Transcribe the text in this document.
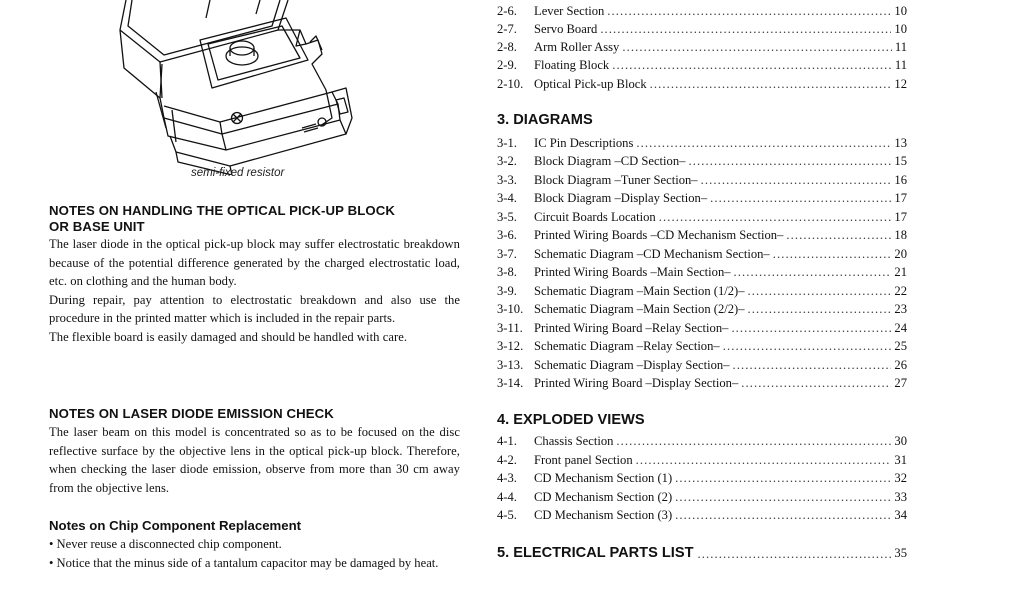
semi-fixed resistor

NOTES ON HANDLING THE OPTICAL PICK-UP BLOCK

OR BASE UNIT

The laser diode in the optical pick-up block may suffer electrostatic breakdown because of the potential difference generated by the charged electrostatic load, etc. on clothing and the human body.

During repair, pay attention to electrostatic breakdown and also use the procedure in the printed matter which is included in the repair parts.

The flexible board is easily damaged and should be handled with care.

NOTES ON LASER DIODE EMISSION CHECK

The laser beam on this model is concentrated so as to be focused on the disc reflective surface by the objective lens in the optical pick-up block. Therefore, when checking the laser diode emission, observe from more than 30 cm away from the objective lens.

Notes on Chip Component Replacement

• Never reuse a disconnected chip component.

• Notice that the minus side of a tantalum capacitor may be damaged by heat.

2-6.	Lever Section .....	10
2-7.	Servo Board .....	10
2-8.	Arm Roller Assy .....	11
2-9.	Floating Block .....	11
2-10. Optical Pick-up Block .....	12
3. DIAGRAMS
3-1.	IC Pin Descriptions .....	13
3-2.	Block Diagram –CD Section– .....	15
3-3.	Block Diagram –Tuner Section– .....	16
3-4.	Block Diagram –Display Section– .....	17
3-5.	Circuit Boards Location .....	17
3-6.	Printed Wiring Boards –CD Mechanism Section– .....	18
3-7.	Schematic Diagram –CD Mechanism Section– .....	20
3-8.	Printed Wiring Boards –Main Section– .....	21
3-9.	Schematic Diagram –Main Section (1/2)– .....	22
3-10. Schematic Diagram –Main Section (2/2)– .....	23
3-11. Printed Wiring Board –Relay Section– .....	24
3-12. Schematic Diagram –Relay Section– .....	25
3-13. Schematic Diagram –Display Section– .....	26
3-14. Printed Wiring Board –Display Section– .....	27
4. EXPLODED VIEWS
4-1.	Chassis Section .....	30
4-2.	Front panel Section .....	31
4-3.	CD Mechanism Section (1) .....	32
4-4.	CD Mechanism Section (2) .....	33
4-5.	CD Mechanism Section (3) .....	34
5. ELECTRICAL PARTS LIST .....	35
